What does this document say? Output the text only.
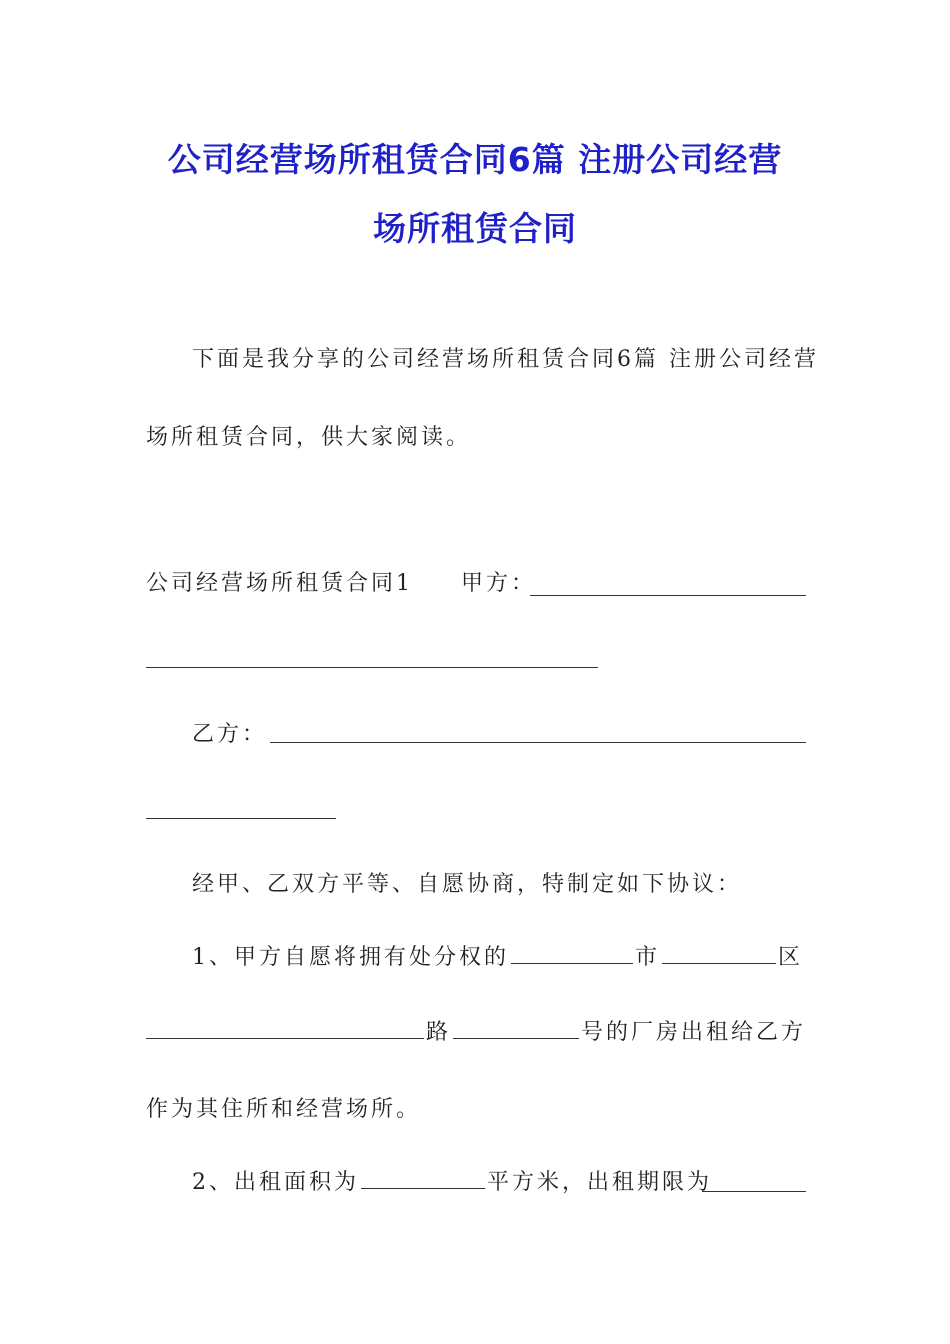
公司经营场所租赁合同6篇 注册公司经营
场所租赁合同
下面是我分享的公司经营场所租赁合同6篇 注册公司经营
场所租赁合同，供大家阅读。
公司经营场所租赁合同1 甲方：
乙方：
经甲、乙双方平等、自愿协商，特制定如下协议：
1、甲方自愿将拥有处分权的	市	区
路	号的厂房出租给乙方
作为其住所和经营场所。
2、出租面积为	平方米，出租期限为
